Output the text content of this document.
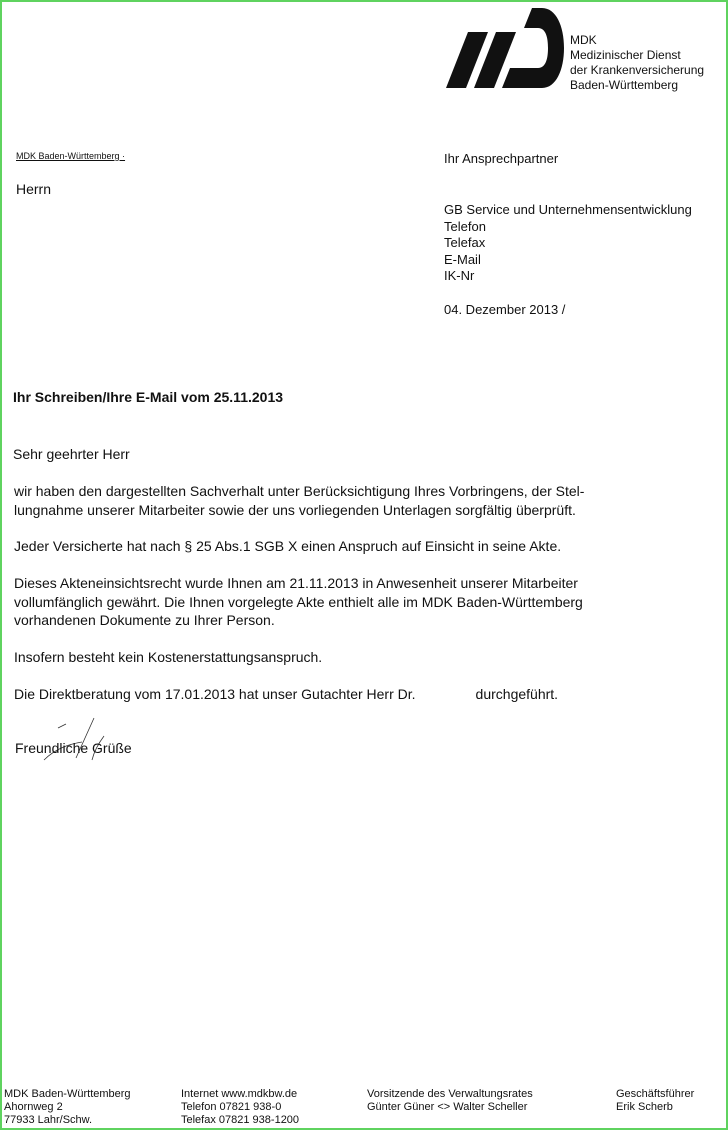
MDK
Medizinischer Dienst
der Krankenversicherung
Baden-Württemberg
MDK Baden-Württemberg ·
Herrn
Ihr Ansprechpartner
GB Service und Unternehmensentwicklung
Telefon
Telefax
E-Mail
IK-Nr
04. Dezember 2013 /
Ihr Schreiben/Ihre E-Mail vom 25.11.2013
Sehr geehrter Herr
wir haben den dargestellten Sachverhalt unter Berücksichtigung Ihres Vorbringens, der Stel-
lungnahme unserer Mitarbeiter sowie der uns vorliegenden Unterlagen sorgfältig überprüft.
Jeder Versicherte hat nach § 25 Abs.1 SGB X einen Anspruch auf Einsicht in seine Akte.
Dieses Akteneinsichtsrecht wurde Ihnen am 21.11.2013 in Anwesenheit unserer Mitarbeiter
vollumfänglich gewährt. Die Ihnen vorgelegte Akte enthielt alle im MDK Baden-Württemberg
vorhandenen Dokumente zu Ihrer Person.
Insofern besteht kein Kostenerstattungsanspruch.
Die Direktberatung vom 17.01.2013 hat unser Gutachter Herr Dr.	durchgeführt.
Freundliche Grüße
MDK Baden-Württemberg
Ahornweg 2
77933 Lahr/Schw.
Internet www.mdkbw.de
Telefon 07821 938-0
Telefax 07821 938-1200
Vorsitzende des Verwaltungsrates
Günter Güner <> Walter Scheller
Geschäftsführer
Erik Scherb
